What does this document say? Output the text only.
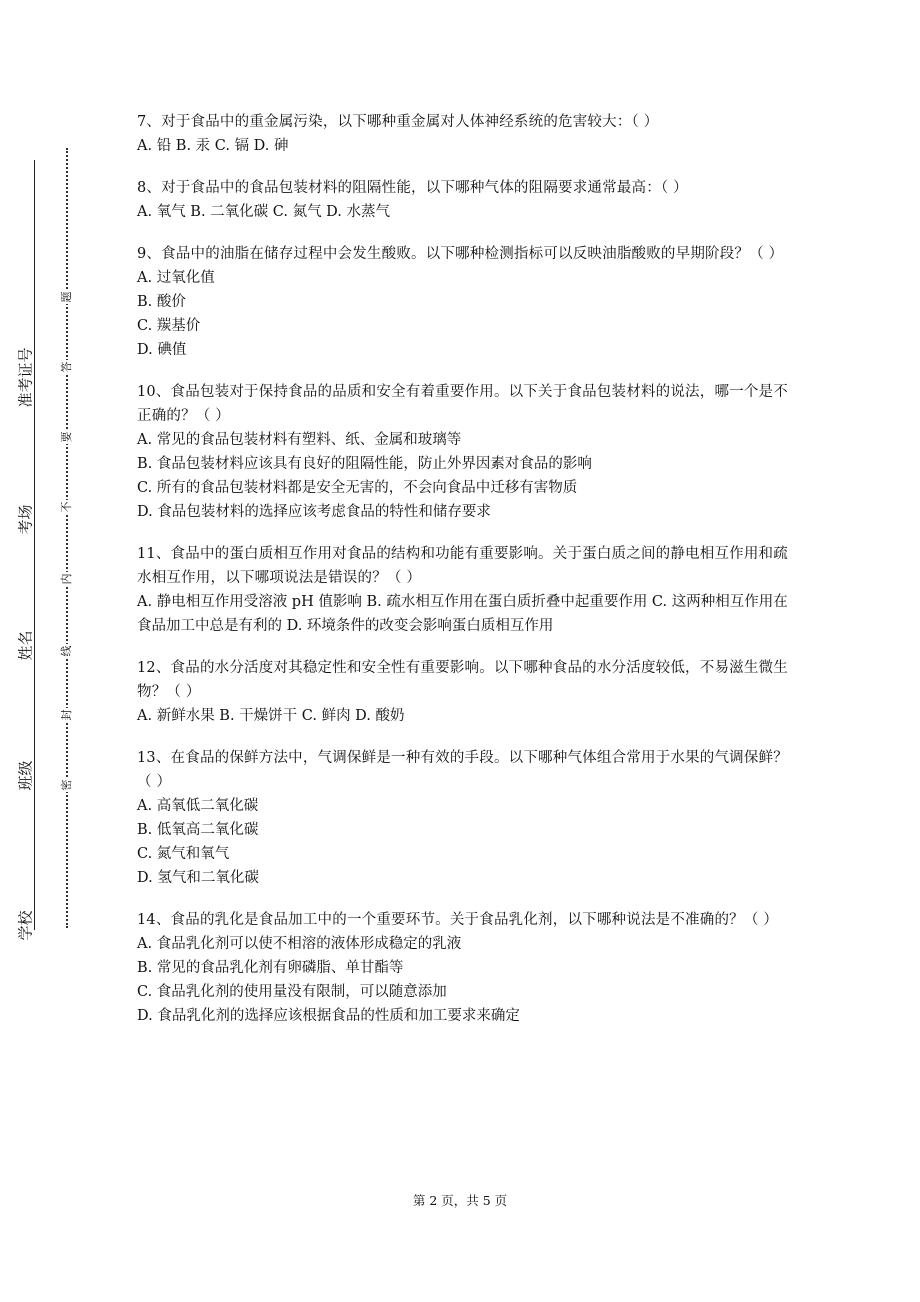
学校
班级
姓名
考场
准考证号
密
封
线
内
不
要
答
题

7、对于食品中的重金属污染，以下哪种重金属对人体神经系统的危害较大：（ ）

A. 铅 B. 汞 C. 镉 D. 砷

8、对于食品中的食品包装材料的阻隔性能，以下哪种气体的阻隔要求通常最高：（ ）

A. 氧气 B. 二氧化碳 C. 氮气 D. 水蒸气

9、食品中的油脂在储存过程中会发生酸败。以下哪种检测指标可以反映油脂酸败的早期阶段？（ ）

A. 过氧化值

B. 酸价

C. 羰基价

D. 碘值

10、食品包装对于保持食品的品质和安全有着重要作用。以下关于食品包装材料的说法，哪一个是不正确的？（ ）

A. 常见的食品包装材料有塑料、纸、金属和玻璃等

B. 食品包装材料应该具有良好的阻隔性能，防止外界因素对食品的影响

C. 所有的食品包装材料都是安全无害的，不会向食品中迁移有害物质

D. 食品包装材料的选择应该考虑食品的特性和储存要求

11、食品中的蛋白质相互作用对食品的结构和功能有重要影响。关于蛋白质之间的静电相互作用和疏水相互作用，以下哪项说法是错误的？（ ）

A. 静电相互作用受溶液 pH 值影响 B. 疏水相互作用在蛋白质折叠中起重要作用 C. 这两种相互作用在食品加工中总是有利的 D. 环境条件的改变会影响蛋白质相互作用

12、食品的水分活度对其稳定性和安全性有重要影响。以下哪种食品的水分活度较低，不易滋生微生物？（ ）

A. 新鲜水果 B. 干燥饼干 C. 鲜肉 D. 酸奶

13、在食品的保鲜方法中，气调保鲜是一种有效的手段。以下哪种气体组合常用于水果的气调保鲜？（ ）

A. 高氧低二氧化碳

B. 低氧高二氧化碳

C. 氮气和氧气

D. 氢气和二氧化碳

14、食品的乳化是食品加工中的一个重要环节。关于食品乳化剂，以下哪种说法是不准确的？（ ）

A. 食品乳化剂可以使不相溶的液体形成稳定的乳液

B. 常见的食品乳化剂有卵磷脂、单甘酯等

C. 食品乳化剂的使用量没有限制，可以随意添加

D. 食品乳化剂的选择应该根据食品的性质和加工要求来确定

第 2 页，共 5 页
